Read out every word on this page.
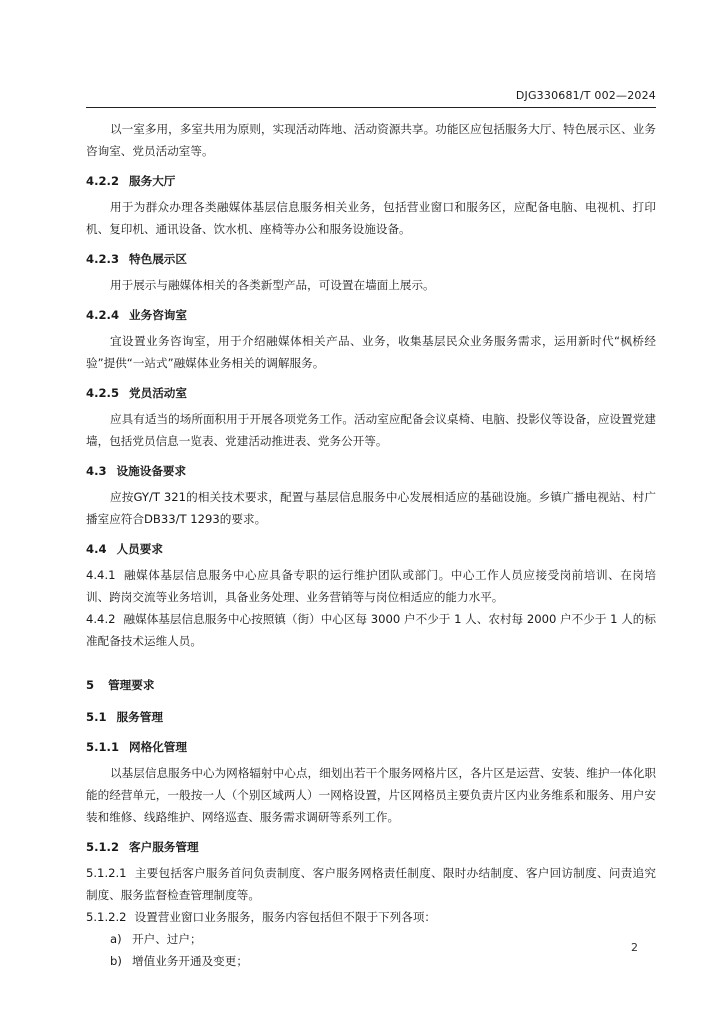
DJG330681/T 002—2024

以一室多用，多室共用为原则，实现活动阵地、活动资源共享。功能区应包括服务大厅、特色展示区、业务咨询室、党员活动室等。

4.2.2 服务大厅

用于为群众办理各类融媒体基层信息服务相关业务，包括营业窗口和服务区，应配备电脑、电视机、打印机、复印机、通讯设备、饮水机、座椅等办公和服务设施设备。

4.2.3 特色展示区

用于展示与融媒体相关的各类新型产品，可设置在墙面上展示。

4.2.4 业务咨询室

宜设置业务咨询室，用于介绍融媒体相关产品、业务，收集基层民众业务服务需求，运用新时代“枫桥经验”提供“一站式”融媒体业务相关的调解服务。

4.2.5 党员活动室

应具有适当的场所面积用于开展各项党务工作。活动室应配备会议桌椅、电脑、投影仪等设备，应设置党建墙，包括党员信息一览表、党建活动推进表、党务公开等。

4.3 设施设备要求

应按GY/T 321的相关技术要求，配置与基层信息服务中心发展相适应的基础设施。乡镇广播电视站、村广播室应符合DB33/T 1293的要求。

4.4 人员要求

4.4.1 融媒体基层信息服务中心应具备专职的运行维护团队或部门。中心工作人员应接受岗前培训、在岗培训、跨岗交流等业务培训，具备业务处理、业务营销等与岗位相适应的能力水平。

4.4.2 融媒体基层信息服务中心按照镇（街）中心区每 3000 户不少于 1 人、农村每 2000 户不少于 1 人的标准配备技术运维人员。

5 管理要求
5.1 服务管理
5.1.1 网格化管理

以基层信息服务中心为网格辐射中心点，细划出若干个服务网格片区，各片区是运营、安装、维护一体化职能的经营单元，一般按一人（个别区域两人）一网格设置，片区网格员主要负责片区内业务维系和服务、用户安装和维修、线路维护、网络巡查、服务需求调研等系列工作。

5.1.2 客户服务管理

5.1.2.1 主要包括客户服务首问负责制度、客户服务网格责任制度、限时办结制度、客户回访制度、问责追究制度、服务监督检查管理制度等。

5.1.2.2 设置营业窗口业务服务，服务内容包括但不限于下列各项：

a) 开户、过户；

b) 增值业务开通及变更；

2
